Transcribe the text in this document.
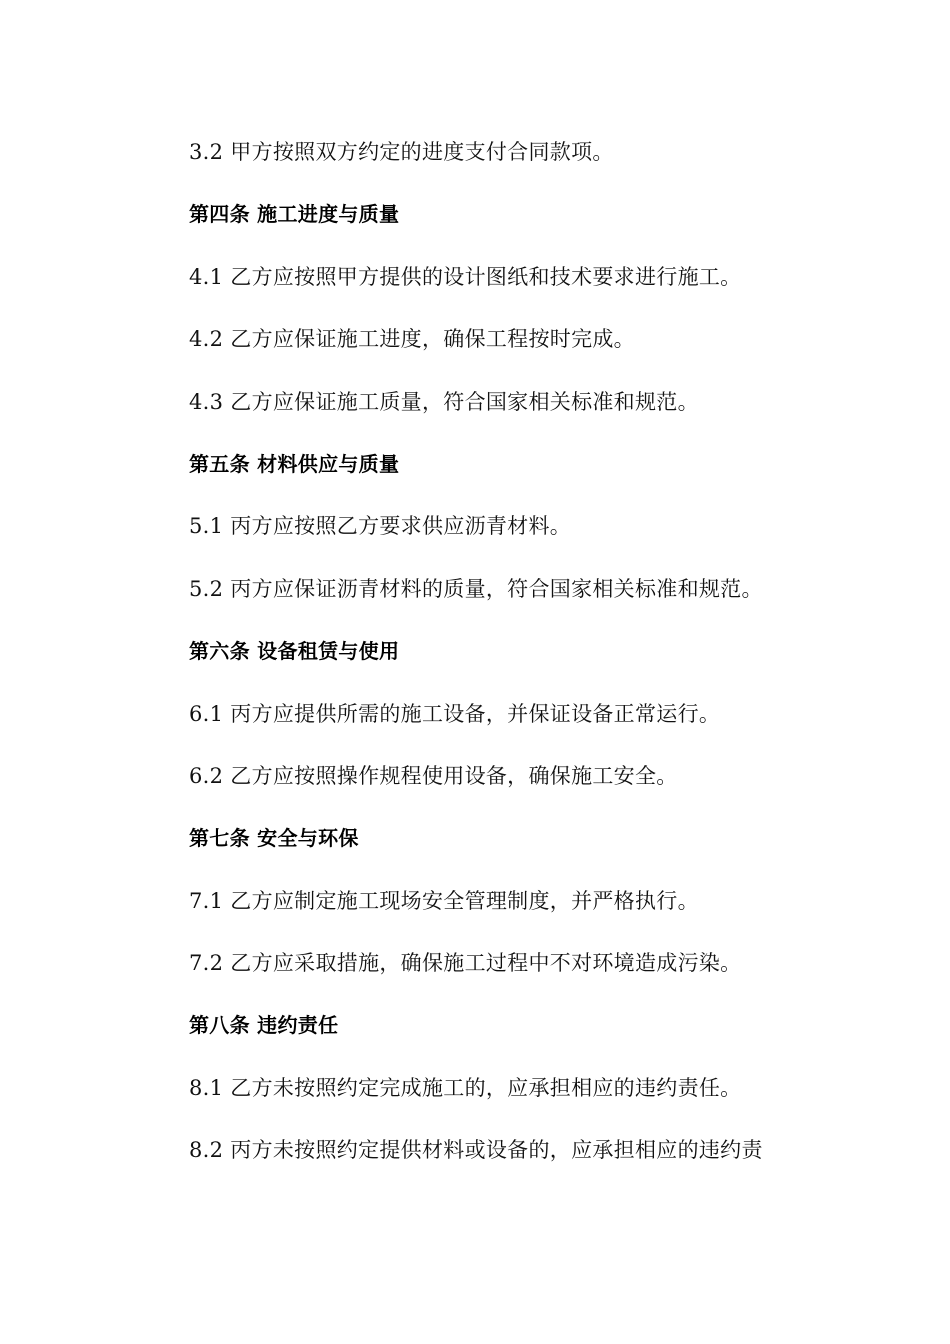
3.2 甲方按照双方约定的进度支付合同款项。
第四条 施工进度与质量
4.1 乙方应按照甲方提供的设计图纸和技术要求进行施工。
4.2 乙方应保证施工进度，确保工程按时完成。
4.3 乙方应保证施工质量，符合国家相关标准和规范。
第五条 材料供应与质量
5.1 丙方应按照乙方要求供应沥青材料。
5.2 丙方应保证沥青材料的质量，符合国家相关标准和规范。
第六条 设备租赁与使用
6.1 丙方应提供所需的施工设备，并保证设备正常运行。
6.2 乙方应按照操作规程使用设备，确保施工安全。
第七条 安全与环保
7.1 乙方应制定施工现场安全管理制度，并严格执行。
7.2 乙方应采取措施，确保施工过程中不对环境造成污染。
第八条 违约责任
8.1 乙方未按照约定完成施工的，应承担相应的违约责任。
8.2 丙方未按照约定提供材料或设备的，应承担相应的违约责
